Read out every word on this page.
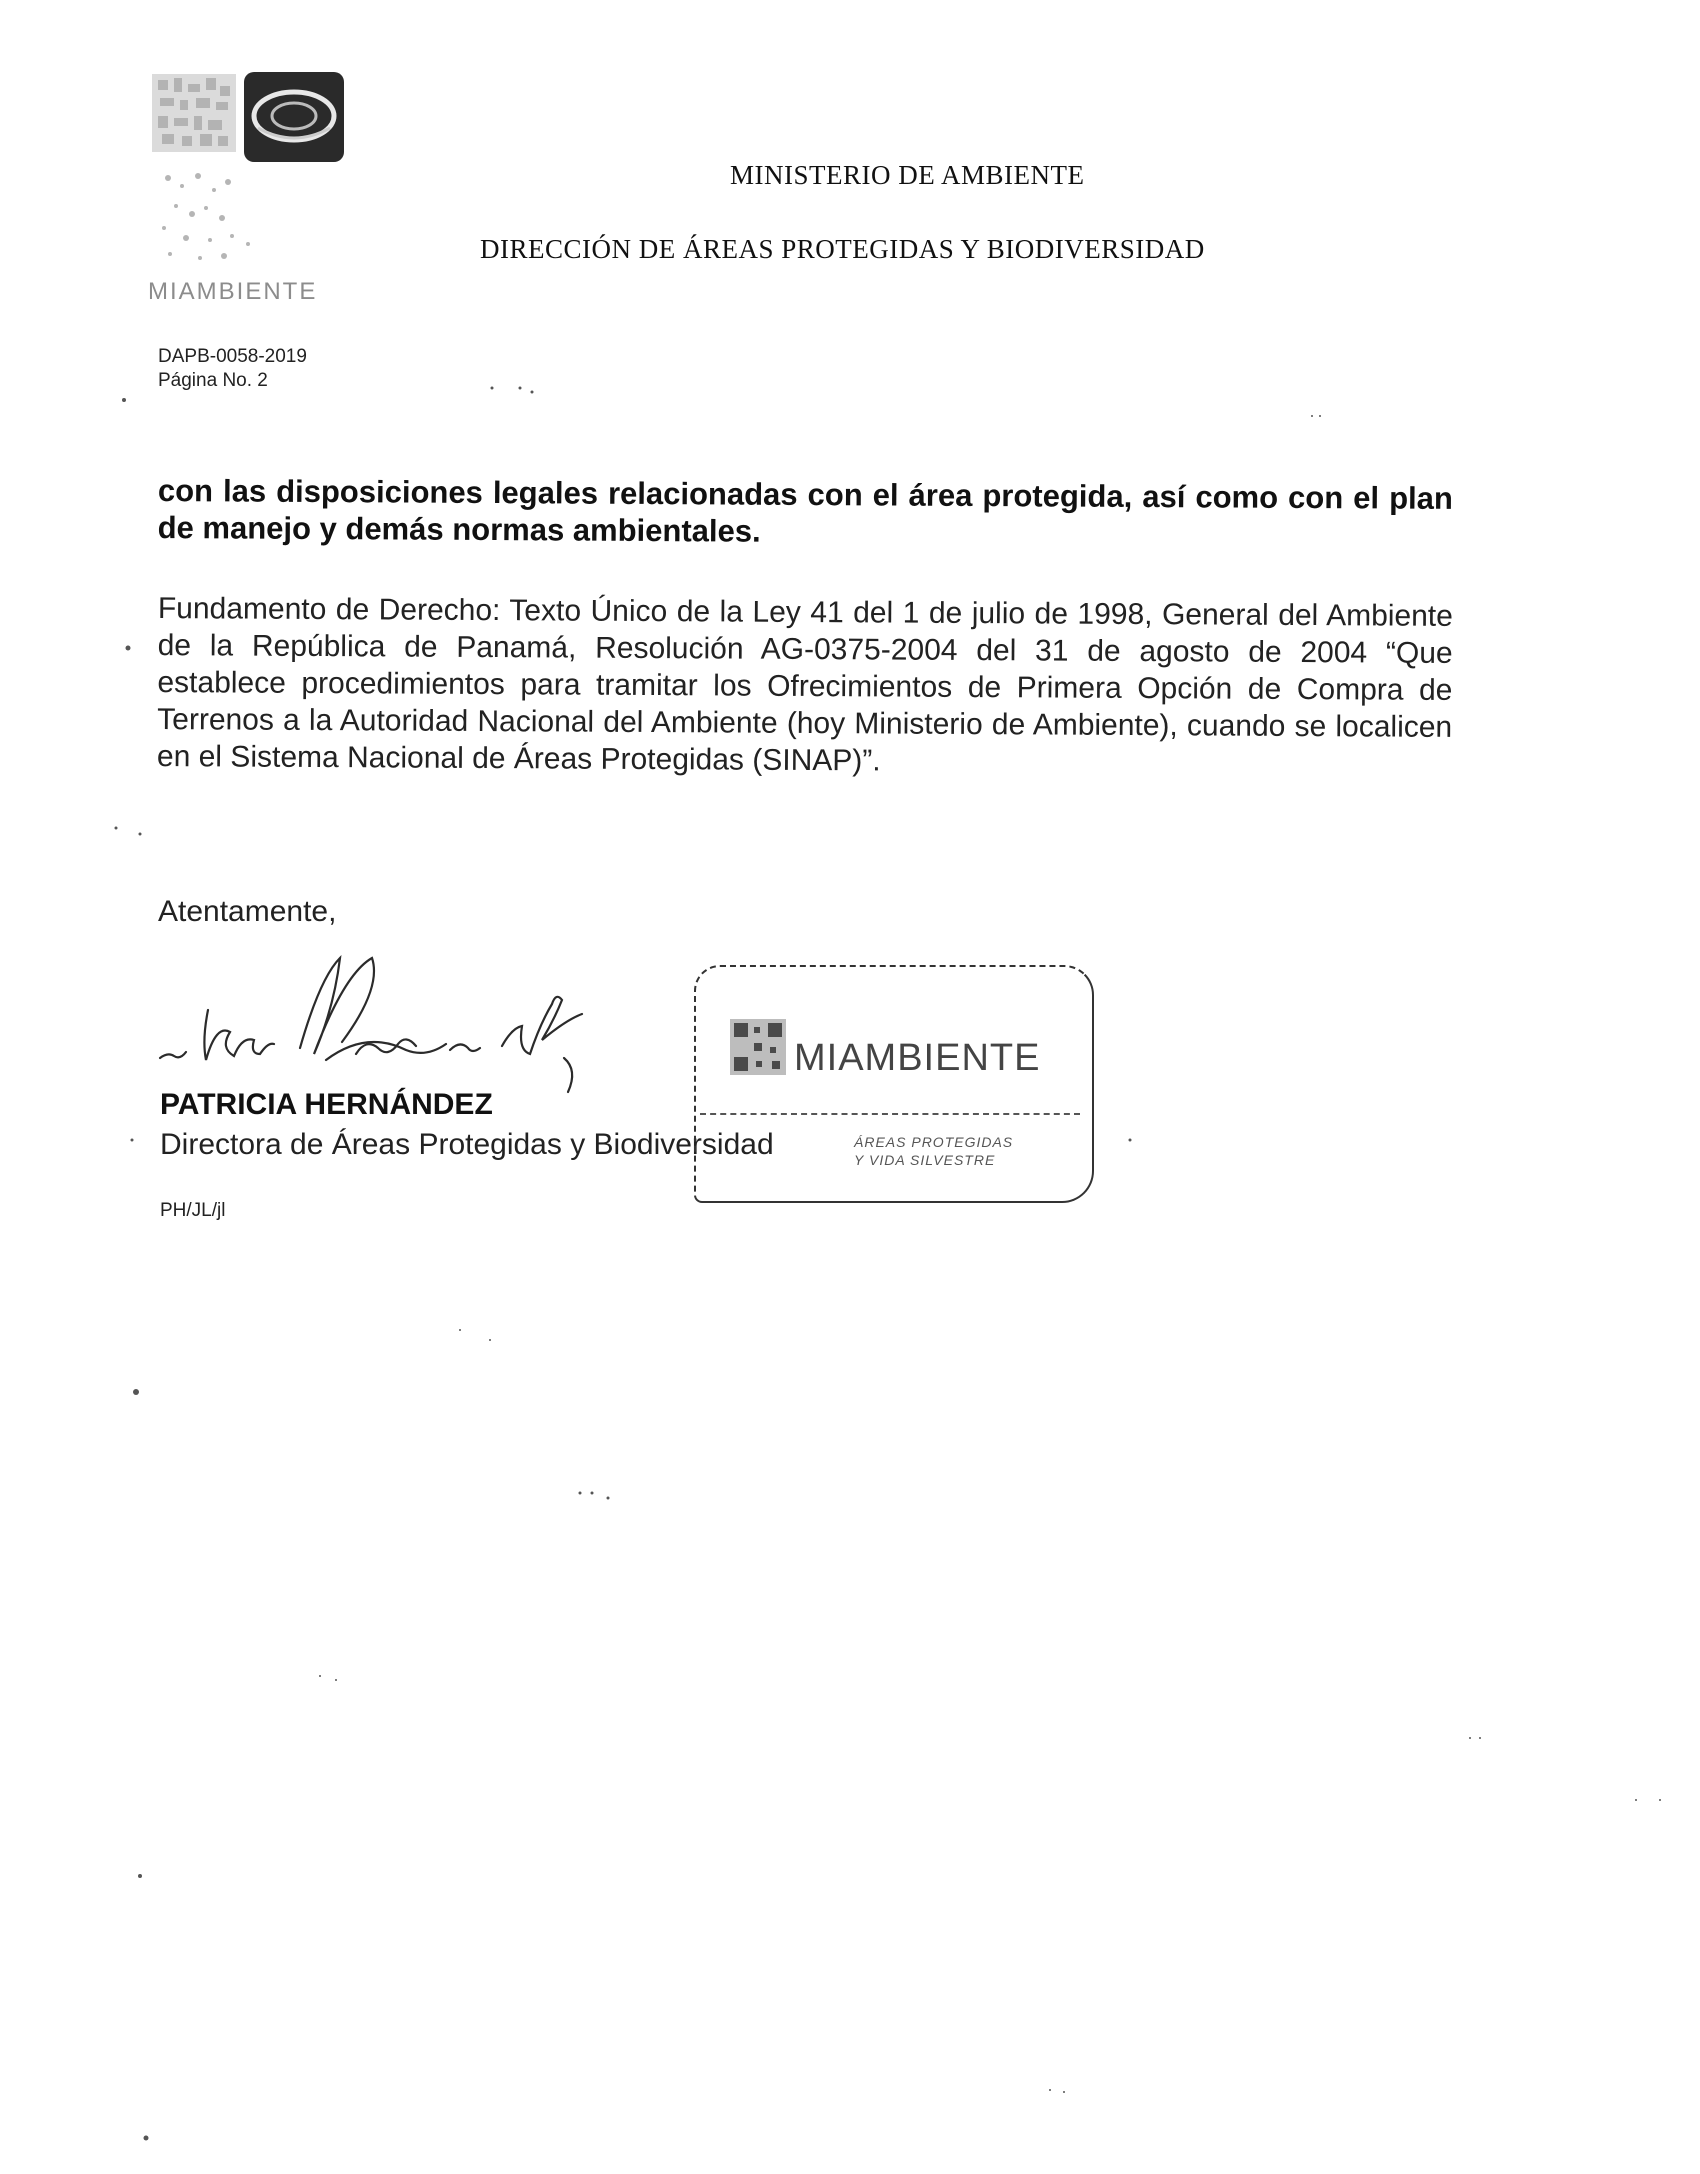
MIAMBIENTE
MINISTERIO DE AMBIENTE
DIRECCIÓN DE ÁREAS PROTEGIDAS Y BIODIVERSIDAD
DAPB-0058-2019
Página No. 2
con las disposiciones legales relacionadas con el área protegida, así como con el plan de manejo y demás normas ambientales.
Fundamento de Derecho: Texto Único de la Ley 41 del 1 de julio de 1998, General del Ambiente de la República de Panamá, Resolución AG-0375-2004 del 31 de agosto de 2004 “Que establece procedimientos para tramitar los Ofrecimientos de Primera Opción de Compra de Terrenos a la Autoridad Nacional del Ambiente (hoy Ministerio de Ambiente), cuando se localicen en el Sistema Nacional de Áreas Protegidas (SINAP)”.
Atentamente,
PATRICIA HERNÁNDEZ
Directora de Áreas Protegidas y Biodiversidad
PH/JL/jl
MIAMBIENTE
ÁREAS PROTEGIDAS
Y VIDA SILVESTRE
